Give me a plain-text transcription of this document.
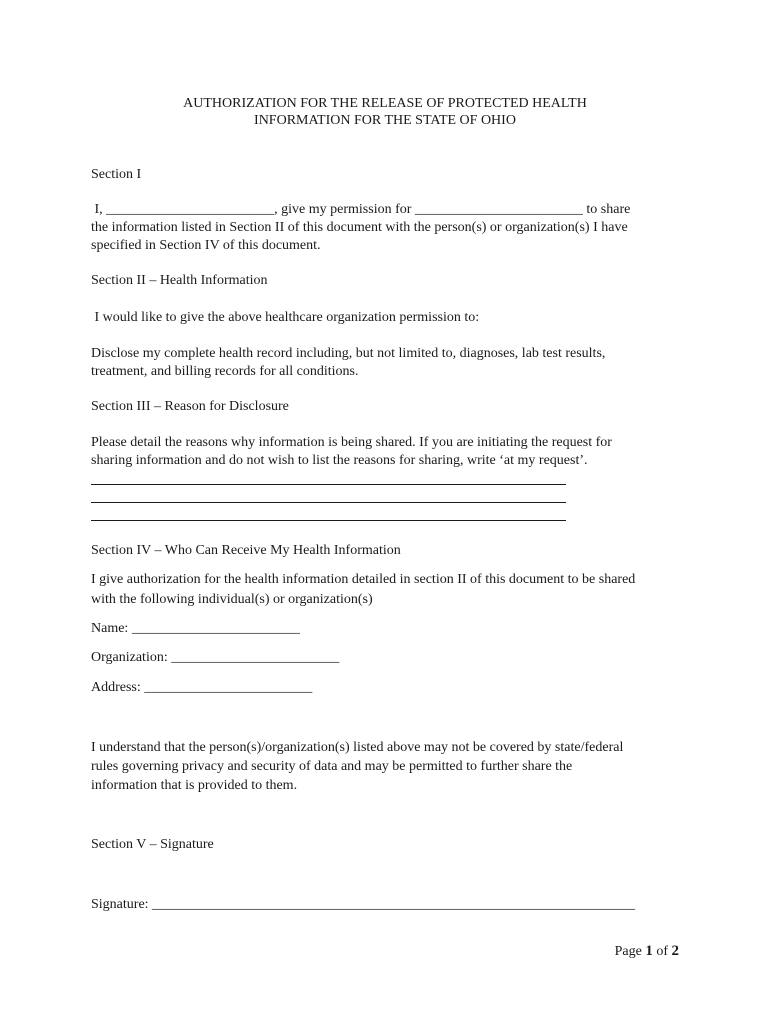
AUTHORIZATION FOR THE RELEASE OF PROTECTED HEALTH
INFORMATION FOR THE STATE OF OHIO
Section I
I, ________________________, give my permission for ________________________ to share
the information listed in Section II of this document with the person(s) or organization(s) I have
specified in Section IV of this document.
Section II – Health Information
I would like to give the above healthcare organization permission to:
Disclose my complete health record including, but not limited to, diagnoses, lab test results,
treatment, and billing records for all conditions.
Section III – Reason for Disclosure
Please detail the reasons why information is being shared. If you are initiating the request for
sharing information and do not wish to list the reasons for sharing, write ‘at my request’.
Section IV – Who Can Receive My Health Information
I give authorization for the health information detailed in section II of this document to be shared
with the following individual(s) or organization(s)
Name: ________________________
Organization: ________________________
Address: ________________________
I understand that the person(s)/organization(s) listed above may not be covered by state/federal
rules governing privacy and security of data and may be permitted to further share the
information that is provided to them.
Section V – Signature
Signature: _____________________________________________________________________
Page 1 of 2
